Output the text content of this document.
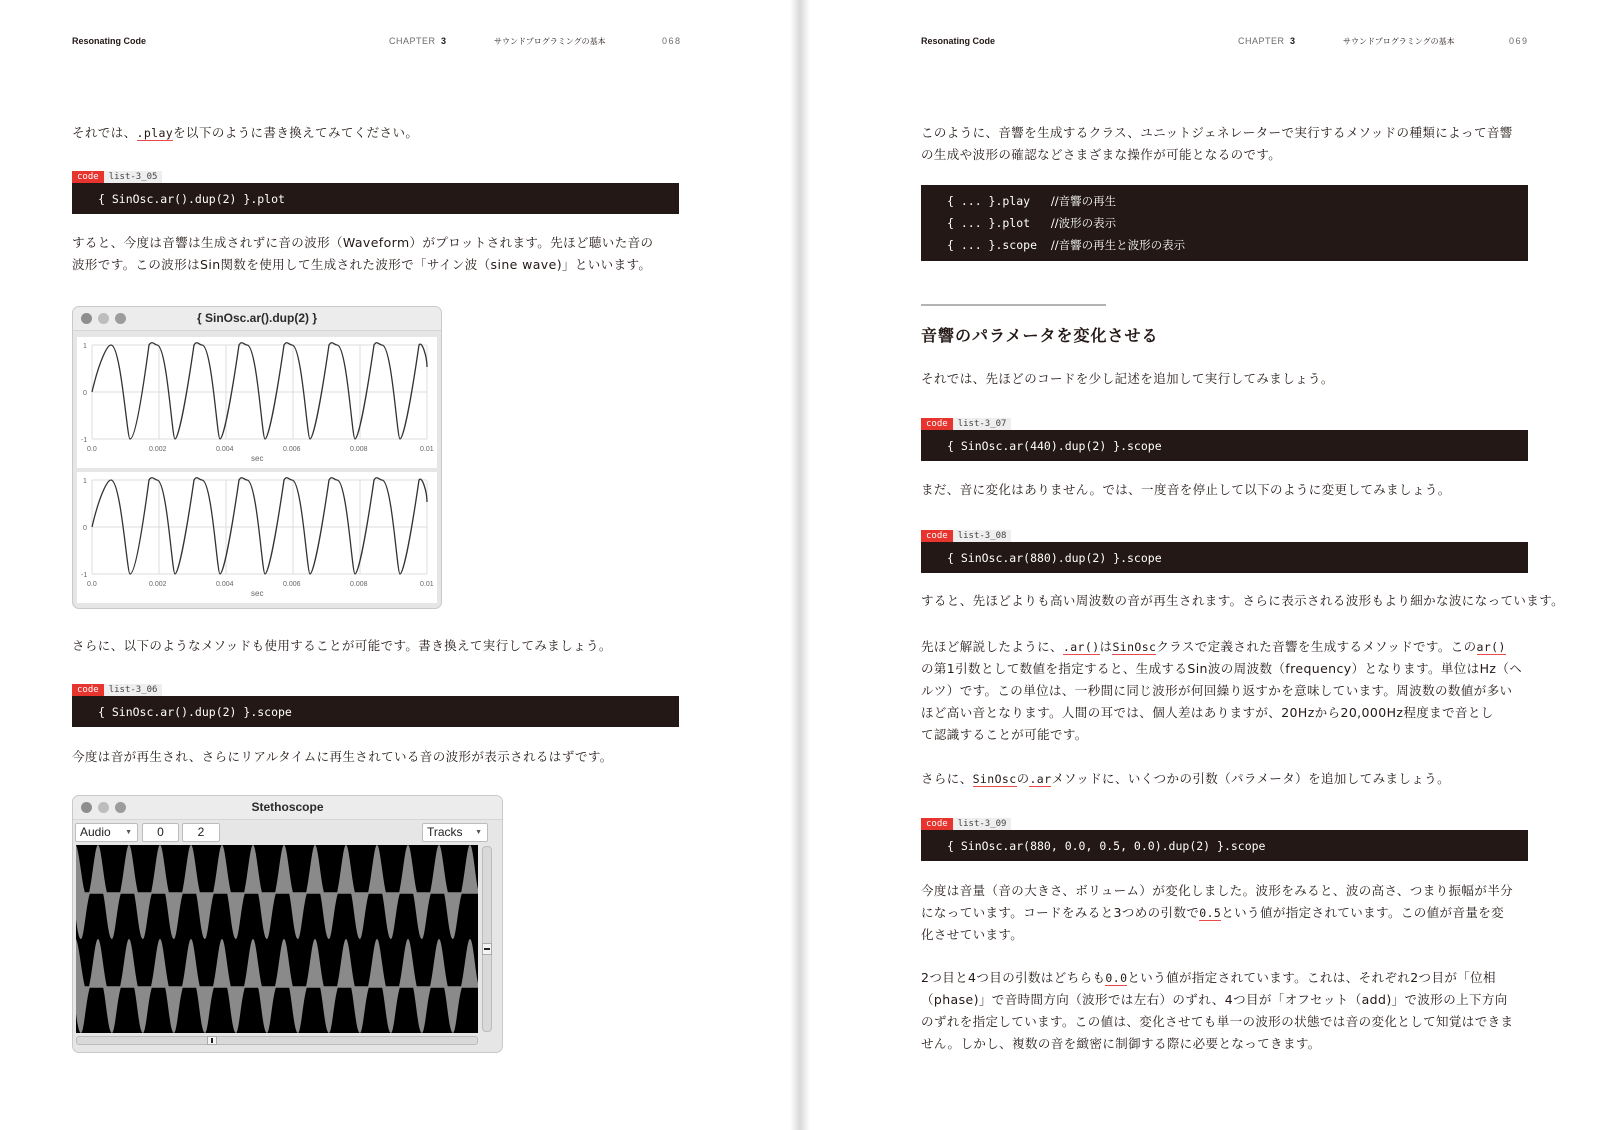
Resonating Code	CHAPTER 3	サウンドプログラミングの基本	068

それでは、.playを以下のように書き換えてみてください。

code	list-3_05
{ SinOsc.ar().dup(2) }.plot

すると、今度は音響は生成されずに音の波形（Waveform）がプロットされます。先ほど聴いた音の

波形です。この波形はSin関数を使用して生成された波形で「サイン波（sine wave)」といいます。

{ SinOsc.ar().dup(2) }
1
0
-1
0.0	0.002	0.004	0.006	0.008	0.01
sec
1
0
-1
0.0	0.002	0.004	0.006	0.008	0.01
sec

さらに、以下のようなメソッドも使用することが可能です。書き換えて実行してみましょう。

code	list-3_06
{ SinOsc.ar().dup(2) }.scope

今度は音が再生され、さらにリアルタイムに再生されている音の波形が表示されるはずです。

Stethoscope
Audio ▼	0	2	Tracks ▼
Resonating Code	CHAPTER 3	サウンドプログラミングの基本	069

このように、音響を生成するクラス、ユニットジェネレーターで実行するメソッドの種類によって音響

の生成や波形の確認などさまざまな操作が可能となるのです。

{ ... }.play   //音響の再生
{ ... }.plot   //波形の表示
{ ... }.scope  //音響の再生と波形の表示
音響のパラメータを変化させる

それでは、先ほどのコードを少し記述を追加して実行してみましょう。

code	list-3_07
{ SinOsc.ar(440).dup(2) }.scope

まだ、音に変化はありません。では、一度音を停止して以下のように変更してみましょう。

code	list-3_08
{ SinOsc.ar(880).dup(2) }.scope

すると、先ほどよりも高い周波数の音が再生されます。さらに表示される波形もより細かな波になっています。

先ほど解説したように、.ar()はSinOscクラスで定義された音響を生成するメソッドです。このar()

の第1引数として数値を指定すると、生成するSin波の周波数（frequency）となります。単位はHz（ヘ

ルツ）です。この単位は、一秒間に同じ波形が何回繰り返すかを意味しています。周波数の数値が多い

ほど高い音となります。人間の耳では、個人差はありますが、20Hzから20,000Hz程度まで音とし

て認識することが可能です。

さらに、SinOscの.arメソッドに、いくつかの引数（パラメータ）を追加してみましょう。

code	list-3_09
{ SinOsc.ar(880, 0.0, 0.5, 0.0).dup(2) }.scope

今度は音量（音の大きさ、ボリューム）が変化しました。波形をみると、波の高さ、つまり振幅が半分

になっています。コードをみると3つめの引数で0.5という値が指定されています。この値が音量を変

化させています。

2つ目と4つ目の引数はどちらも0.0という値が指定されています。これは、それぞれ2つ目が「位相

（phase)」で音時間方向（波形では左右）のずれ、4つ目が「オフセット（add)」で波形の上下方向

のずれを指定しています。この値は、変化させても単一の波形の状態では音の変化として知覚はできま

せん。しかし、複数の音を緻密に制御する際に必要となってきます。
